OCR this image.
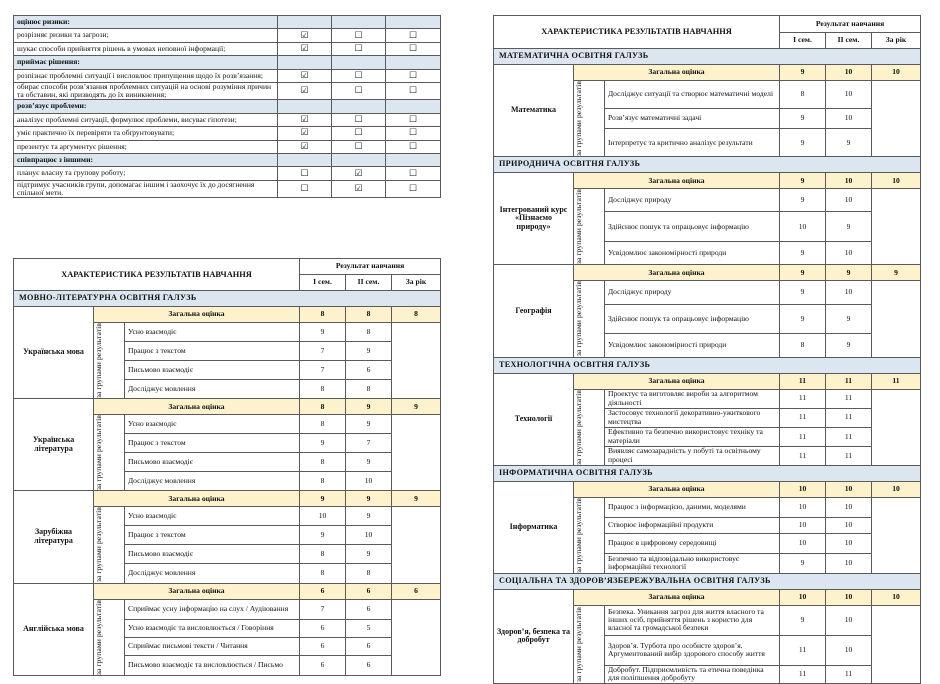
оцінює ризики:			
розрізняє ризики та загрози;	☑	☐	☐
шукає способи прийняття рішень в умовах неповної інформації;	☑	☐	☐
приймає рішення:			
розпізнає проблемні ситуації і висловлює припущення щодо їх розв’язання;	☑	☐	☐
обирає способи розв’язання проблемних ситуацій на основі розуміння причин та обставин, які призводять до їх виникнення;	☑	☐	☐
розв’язує проблеми:			
аналізує проблемні ситуації, формулює проблеми, висуває гіпотези;	☑	☐	☐
уміє практично їх перевіряти та обґрунтовувати;	☑	☐	☐
презентує та аргументує рішення;	☑	☐	☐
співпрацює з іншими:			
планує власну та групову роботу;	☐	☑	☐
підтримує учасників групи, допомагає іншим і заохочує їх до досягнення спільної мети.	☐	☑	☐
ХАРАКТЕРИСТИКА РЕЗУЛЬТАТІВ НАВЧАННЯ			Результат навчання		
			І сем.	ІІ сем.	За рік
МОВНО-ЛІТЕРАТУРНА ОСВІТНЯ ГАЛУЗЬ					
Українська мова	Загальна оцінка		8	8	8

	за групами результатів	Усно взаємодіє	9	8	
		Працює з текстом	7	9	
		Письмово взаємодіє	7	6	
		Досліджує мовлення	8	8	
Українська література	Загальна оцінка		8	9	9

	за групами результатів	Усно взаємодіє	8	9	
		Працює з текстом	9	7	
		Письмово взаємодіє	8	9	
		Досліджує мовлення	8	10	
Зарубіжна література	Загальна оцінка		9	9	9

	за групами результатів	Усно взаємодіє	10	9	
		Працює з текстом	9	10	
		Письмово взаємодіє	8	9	
		Досліджує мовлення	8	8	
Англійська мова	Загальна оцінка		6	6	6

	за групами результатів	Сприймає усну інформацію на слух / Аудіювання	7	6	
		Усно взаємодіє та висловлюється / Говоріння	6	5	
		Сприймає письмові тексти / Читання	6	6	
		Письмово взаємодіє та висловлюється / Письмо	6	6	
ХАРАКТЕРИСТИКА РЕЗУЛЬТАТІВ НАВЧАННЯ			Результат навчання		
			І сем.	ІІ сем.	За рік
МАТЕМАТИЧНА ОСВІТНЯ ГАЛУЗЬ					
Математика	Загальна оцінка		9	10	10

	за групами результатів	Досліджує ситуації та створює математичні моделі	8	10	
		Розв’язує математичні задачі	9	10	
		Інтерпретує та критично аналізує результати	9	9	
ПРИРОДНИЧА ОСВІТНЯ ГАЛУЗЬ					
Інтегрований курс «Пізнаємо природу»	Загальна оцінка		9	10	10

	за групами результатів	Досліджує природу	9	10	
		Здійснює пошук та опрацьовує інформацію	10	9	
		Усвідомлює закономірності природи	9	10	
Географія	Загальна оцінка		9	9	9

	за групами результатів	Досліджує природу	9	10	
		Здійснює пошук та опрацьовує інформацію	9	9	
		Усвідомлює закономірності природи	8	9	
ТЕХНОЛОГІЧНА ОСВІТНЯ ГАЛУЗЬ					
Технології	Загальна оцінка		11	11	11

	за групами результатів	Проектує та виготовляє вироби за алгоритмом діяльності	11	11	
		Застосовує технології декоративно-ужиткового мистецтва	11	11	
		Ефективно та безпечно використовує техніку та матеріали	11	11	
		Виявляє самозарадність у побуті та освітньому процесі	11	11	
ІНФОРМАТИЧНА ОСВІТНЯ ГАЛУЗЬ					
Інформатика	Загальна оцінка		10	10	10

	за групами результатів	Працює з інформацією, даними, моделями	10	10	
		Створює інформаційні продукти	10	10	
		Працює в цифровому середовищі	10	10	
		Безпечно та відповідально використовує інформаційні технології	9	10	
СОЦІАЛЬНА ТА ЗДОРОВ’ЯЗБЕРЕЖУВАЛЬНА ОСВІТНЯ ГАЛУЗЬ					
Здоров’я, безпека та добробут	Загальна оцінка		10	10	10

	за групами результатів	Безпека. Уникання загроз для життя власного та інших осіб, прийняття рішень з користю для власної та громадської безпеки	9	10	
		Здоров’я. Турбота про особисте здоров’я. Аргументований вибір здорового способу життя	11	10	
		Добробут. Підприємливість та етична поведінка для поліпшення добробуту	11	11	
